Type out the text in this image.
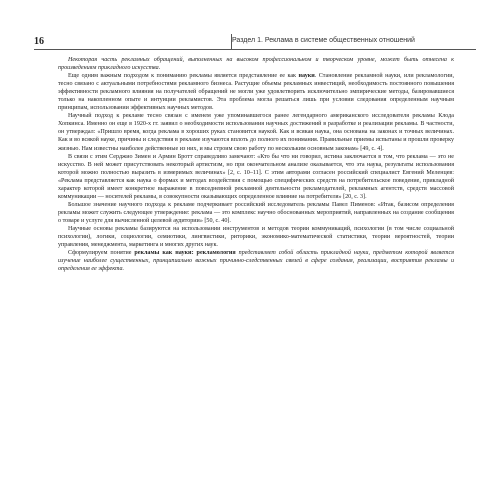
16	Раздел 1. Реклама в системе общественных отношений

Некоторая часть рекламных обращений, выполненных на высоком профессиональном и творческом уровне, может быть отнесена к произведениям прикладного искусства.

Еще одним важным подходом к пониманию рекламы является представление ее как науки. Становление рекламной науки, или рекламологии, тесно связано с актуальными потребностями рекламного бизнеса. Растущие объемы рекламных инвестиций, необходимость постоянного повышения эффективности рекламного влияния на получателей обращений не могли уже удовлетворить исключительно эмпирические методы, базировавшиеся только на накопленном опыте и интуиции рекламистов. Эта проблема могла решаться лишь при условии следования определенным научным принципам, использовании эффективных научных методов.

Научный подход к рекламе тесно связан с именем уже упоминавшегося ранее легендарного американского исследователя рекламы Клода Хопкинса. Именно он еще в 1920-х гг. заявил о необходимости использования научных достижений в разработке и реализации рекламы. В частности, он утверждал: «Пришло время, когда реклама в хороших руках становится наукой. Как и всякая наука, она основана на законах и точных величинах. Как и во всякой науке, причины и следствия в рекламе изучаются вплоть до полного их понимания. Правильные приемы испытаны и прошли проверку жизнью. Нам известны наиболее действенные из них, и мы строим свою работу по нескольким основным законам» [49, с. 4].

В связи с этим Серджио Зимен и Армин Бротт справедливо замечают: «Кто бы что ни говорил, истина заключается в том, что реклама — это не искусство. В ней может присутствовать некоторый артистизм, но при окончательном анализе оказывается, что эта наука, результаты использования которой можно полностью выразить в измеримых величинах» [2, с. 10–11]. С этим авторами согласен российский специалист Евгений Меленцев: «Реклама представляется как наука о формах и методах воздействия с помощью специфических средств на потребительское поведение, прикладной характер которой имеет конкретное выражение в повседневной рекламной деятельности рекламодателей, рекламных агентств, средств массовой коммуникации — носителей рекламы, в совокупности оказывающих определенное влияние на потребителя» [20, с. 3].

Большое значение научного подхода к рекламе подчеркивает российский исследователь рекламы Павел Пименов: «Итак, базисом определения рекламы может служить следующее утверждение: реклама — это комплекс научно обоснованных мероприятий, направленных на создание сообщения о товаре и услуге для вычисленной целевой аудитории» [50, с. 40].

Научные основы рекламы базируются на использовании инструментов и методов теории коммуникаций, психологии (в том числе социальной психологии), логики, социологии, семиотики, лингвистики, риторики, экономико-математической статистики, теории вероятностей, теории управления, менеджмента, маркетинга и многих других наук.

Сформулируем понятие рекламы как науки: рекламология представляет собой область прикладной науки, предметом которой является изучение наиболее существенных, принципиально важных причинно-следственных связей в сфере создания, реализации, восприятия рекламы и определения ее эффекта.
